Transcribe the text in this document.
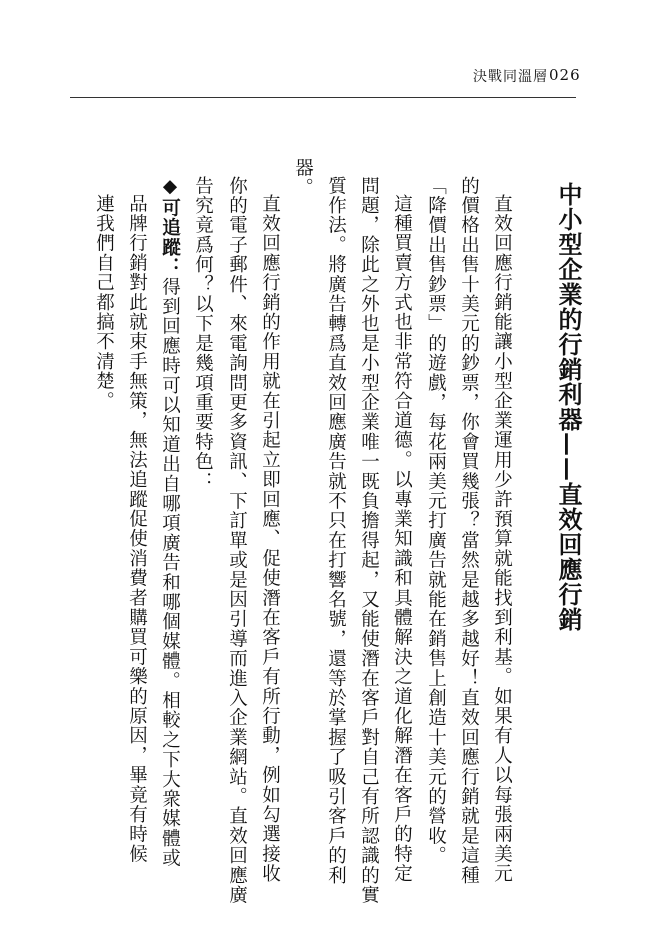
決戰同溫層 026
中小型企業的行銷利器——直效回應行銷
直效回應行銷能讓小型企業運用少許預算就能找到利基。如果有人以每張兩美元
的價格出售十美元的鈔票，你會買幾張？當然是越多越好！直效回應行銷就是這種
「降價出售鈔票」的遊戲，每花兩美元打廣告就能在銷售上創造十美元的營收。
這種買賣方式也非常符合道德。以專業知識和具體解決之道化解潛在客戶的特定
問題，除此之外也是小型企業唯一既負擔得起，又能使潛在客戶對自己有所認識的實
質作法。將廣告轉爲直效回應廣告就不只在打響名號，還等於掌握了吸引客戶的利
器。
直效回應行銷的作用就在引起立即回應、促使潛在客戶有所行動，例如勾選接收
你的電子郵件、來電詢問更多資訊、下訂單或是因引導而進入企業網站。直效回應廣
告究竟爲何？以下是幾項重要特色：
◆可追蹤：得到回應時可以知道出自哪項廣告和哪個媒體。相較之下大衆媒體或
品牌行銷對此就束手無策，無法追蹤促使消費者購買可樂的原因，畢竟有時候
連我們自己都搞不清楚。
